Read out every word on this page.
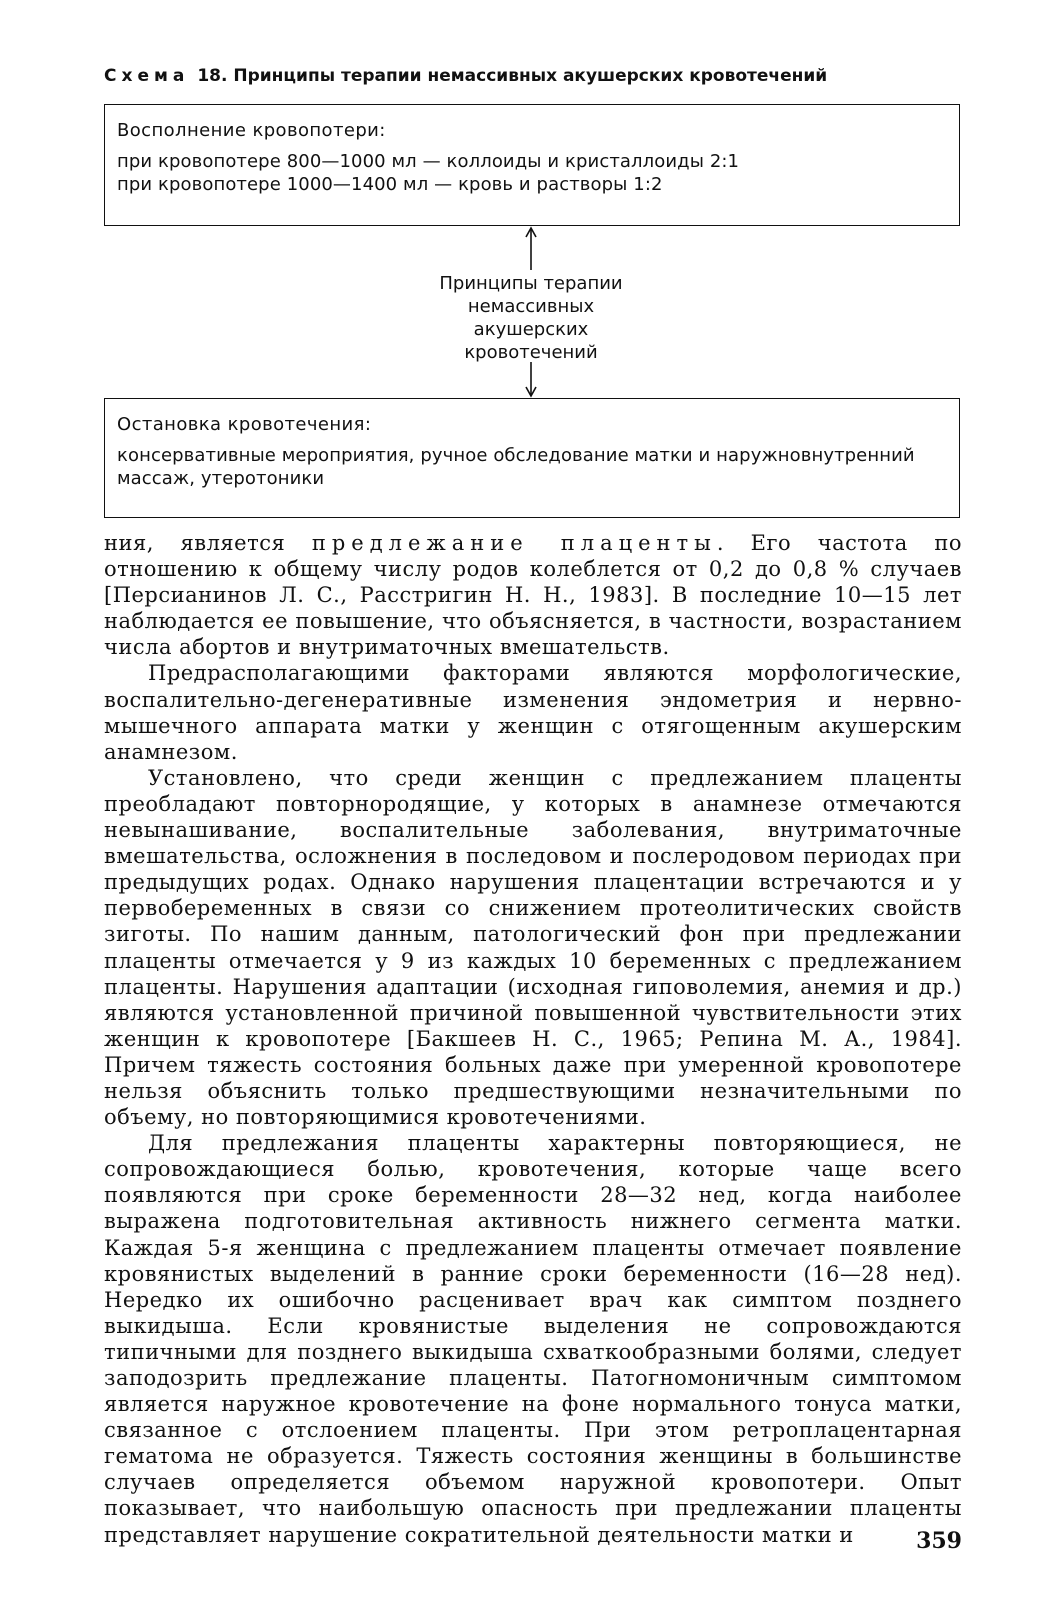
Схема 18. Принципы терапии немассивных акушерских кровотечений
Восполнение кровопотери:
при кровопотере 800—1000 мл — коллоиды и кристаллоиды 2:1
при кровопотере 1000—1400 мл — кровь и растворы 1:2
Принципы терапии
немассивных
акушерских
кровотечений
Остановка кровотечения:
консервативные мероприятия, ручное обследование матки и наружновнутренний
массаж, утеротоники

ния, является предлежание плаценты. Его частота по отношению к общему числу родов колеблется от 0,2 до 0,8 % случаев [Персианинов Л. С., Расстригин Н. Н., 1983]. В последние 10—15 лет наблюдается ее повышение, что объясняется, в частности, возрастанием числа абортов и внутриматочных вмешательств.

Предрасполагающими факторами являются морфологические, воспалительно-дегенеративные изменения эндометрия и нервно-мышечного аппарата матки у женщин с отягощенным акушерским анамнезом.

Установлено, что среди женщин с предлежанием плаценты преобладают повторнородящие, у которых в анамнезе отмечаются невынашивание, воспалительные заболевания, внутриматочные вмешательства, осложнения в последовом и послеродовом периодах при предыдущих родах. Однако нарушения плацентации встречаются и у первобеременных в связи со снижением протеолитических свойств зиготы. По нашим данным, патологический фон при предлежании плаценты отмечается у 9 из каждых 10 беременных с предлежанием плаценты. Нарушения адаптации (исходная гиповолемия, анемия и др.) являются установленной причиной повышенной чувствительности этих женщин к кровопотере [Бакшеев Н. С., 1965; Репина М. А., 1984]. Причем тяжесть состояния больных даже при умеренной кровопотере нельзя объяснить только предшествующими незначительными по объему, но повторяющимися кровотечениями.

Для предлежания плаценты характерны повторяющиеся, не сопровождающиеся болью, кровотечения, которые чаще всего появляются при сроке беременности 28—32 нед, когда наиболее выражена подготовительная активность нижнего сегмента матки. Каждая 5-я женщина с предлежанием плаценты отмечает появление кровянистых выделений в ранние сроки беременности (16—28 нед). Нередко их ошибочно расценивает врач как симптом позднего выкидыша. Если кровянистые выделения не сопровождаются типичными для позднего выкидыша схваткообразными болями, следует заподозрить предлежание плаценты. Патогномоничным симптомом является наружное кровотечение на фоне нормального тонуса матки, связанное с отслоением плаценты. При этом ретроплацентарная гематома не образуется. Тяжесть состояния женщины в большинстве случаев определяется объемом наружной кровопотери. Опыт показывает, что наибольшую опасность при предлежании плаценты представляет нарушение сократительной деятельности матки и	359
